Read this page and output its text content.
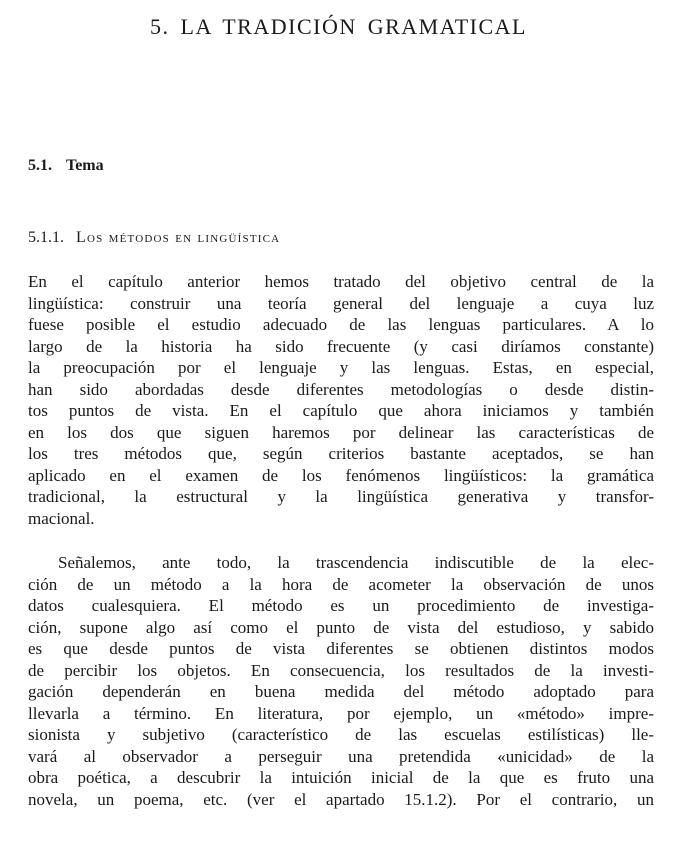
5. LA TRADICIÓN GRAMATICAL
5.1. Tema
5.1.1. Los métodos en lingüística
En el capítulo anterior hemos tratado del objetivo central de la
lingüística: construir una teoría general del lenguaje a cuya luz
fuese posible el estudio adecuado de las lenguas particulares. A lo
largo de la historia ha sido frecuente (y casi diríamos constante)
la preocupación por el lenguaje y las lenguas. Estas, en especial,
han sido abordadas desde diferentes metodologías o desde distin-
tos puntos de vista. En el capítulo que ahora iniciamos y también
en los dos que siguen haremos por delinear las características de
los tres métodos que, según criterios bastante aceptados, se han
aplicado en el examen de los fenómenos lingüísticos: la gramática
tradicional, la estructural y la lingüística generativa y transfor-
macional.
Señalemos, ante todo, la trascendencia indiscutible de la elec-
ción de un método a la hora de acometer la observación de unos
datos cualesquiera. El método es un procedimiento de investiga-
ción, supone algo así como el punto de vista del estudioso, y sabido
es que desde puntos de vista diferentes se obtienen distintos modos
de percibir los objetos. En consecuencia, los resultados de la investi-
gación dependerán en buena medida del método adoptado para
llevarla a término. En literatura, por ejemplo, un «método» impre-
sionista y subjetivo (característico de las escuelas estilísticas) lle-
vará al observador a perseguir una pretendida «unicidad» de la
obra poética, a descubrir la intuición inicial de la que es fruto una
novela, un poema, etc. (ver el apartado 15.1.2). Por el contrario, un
